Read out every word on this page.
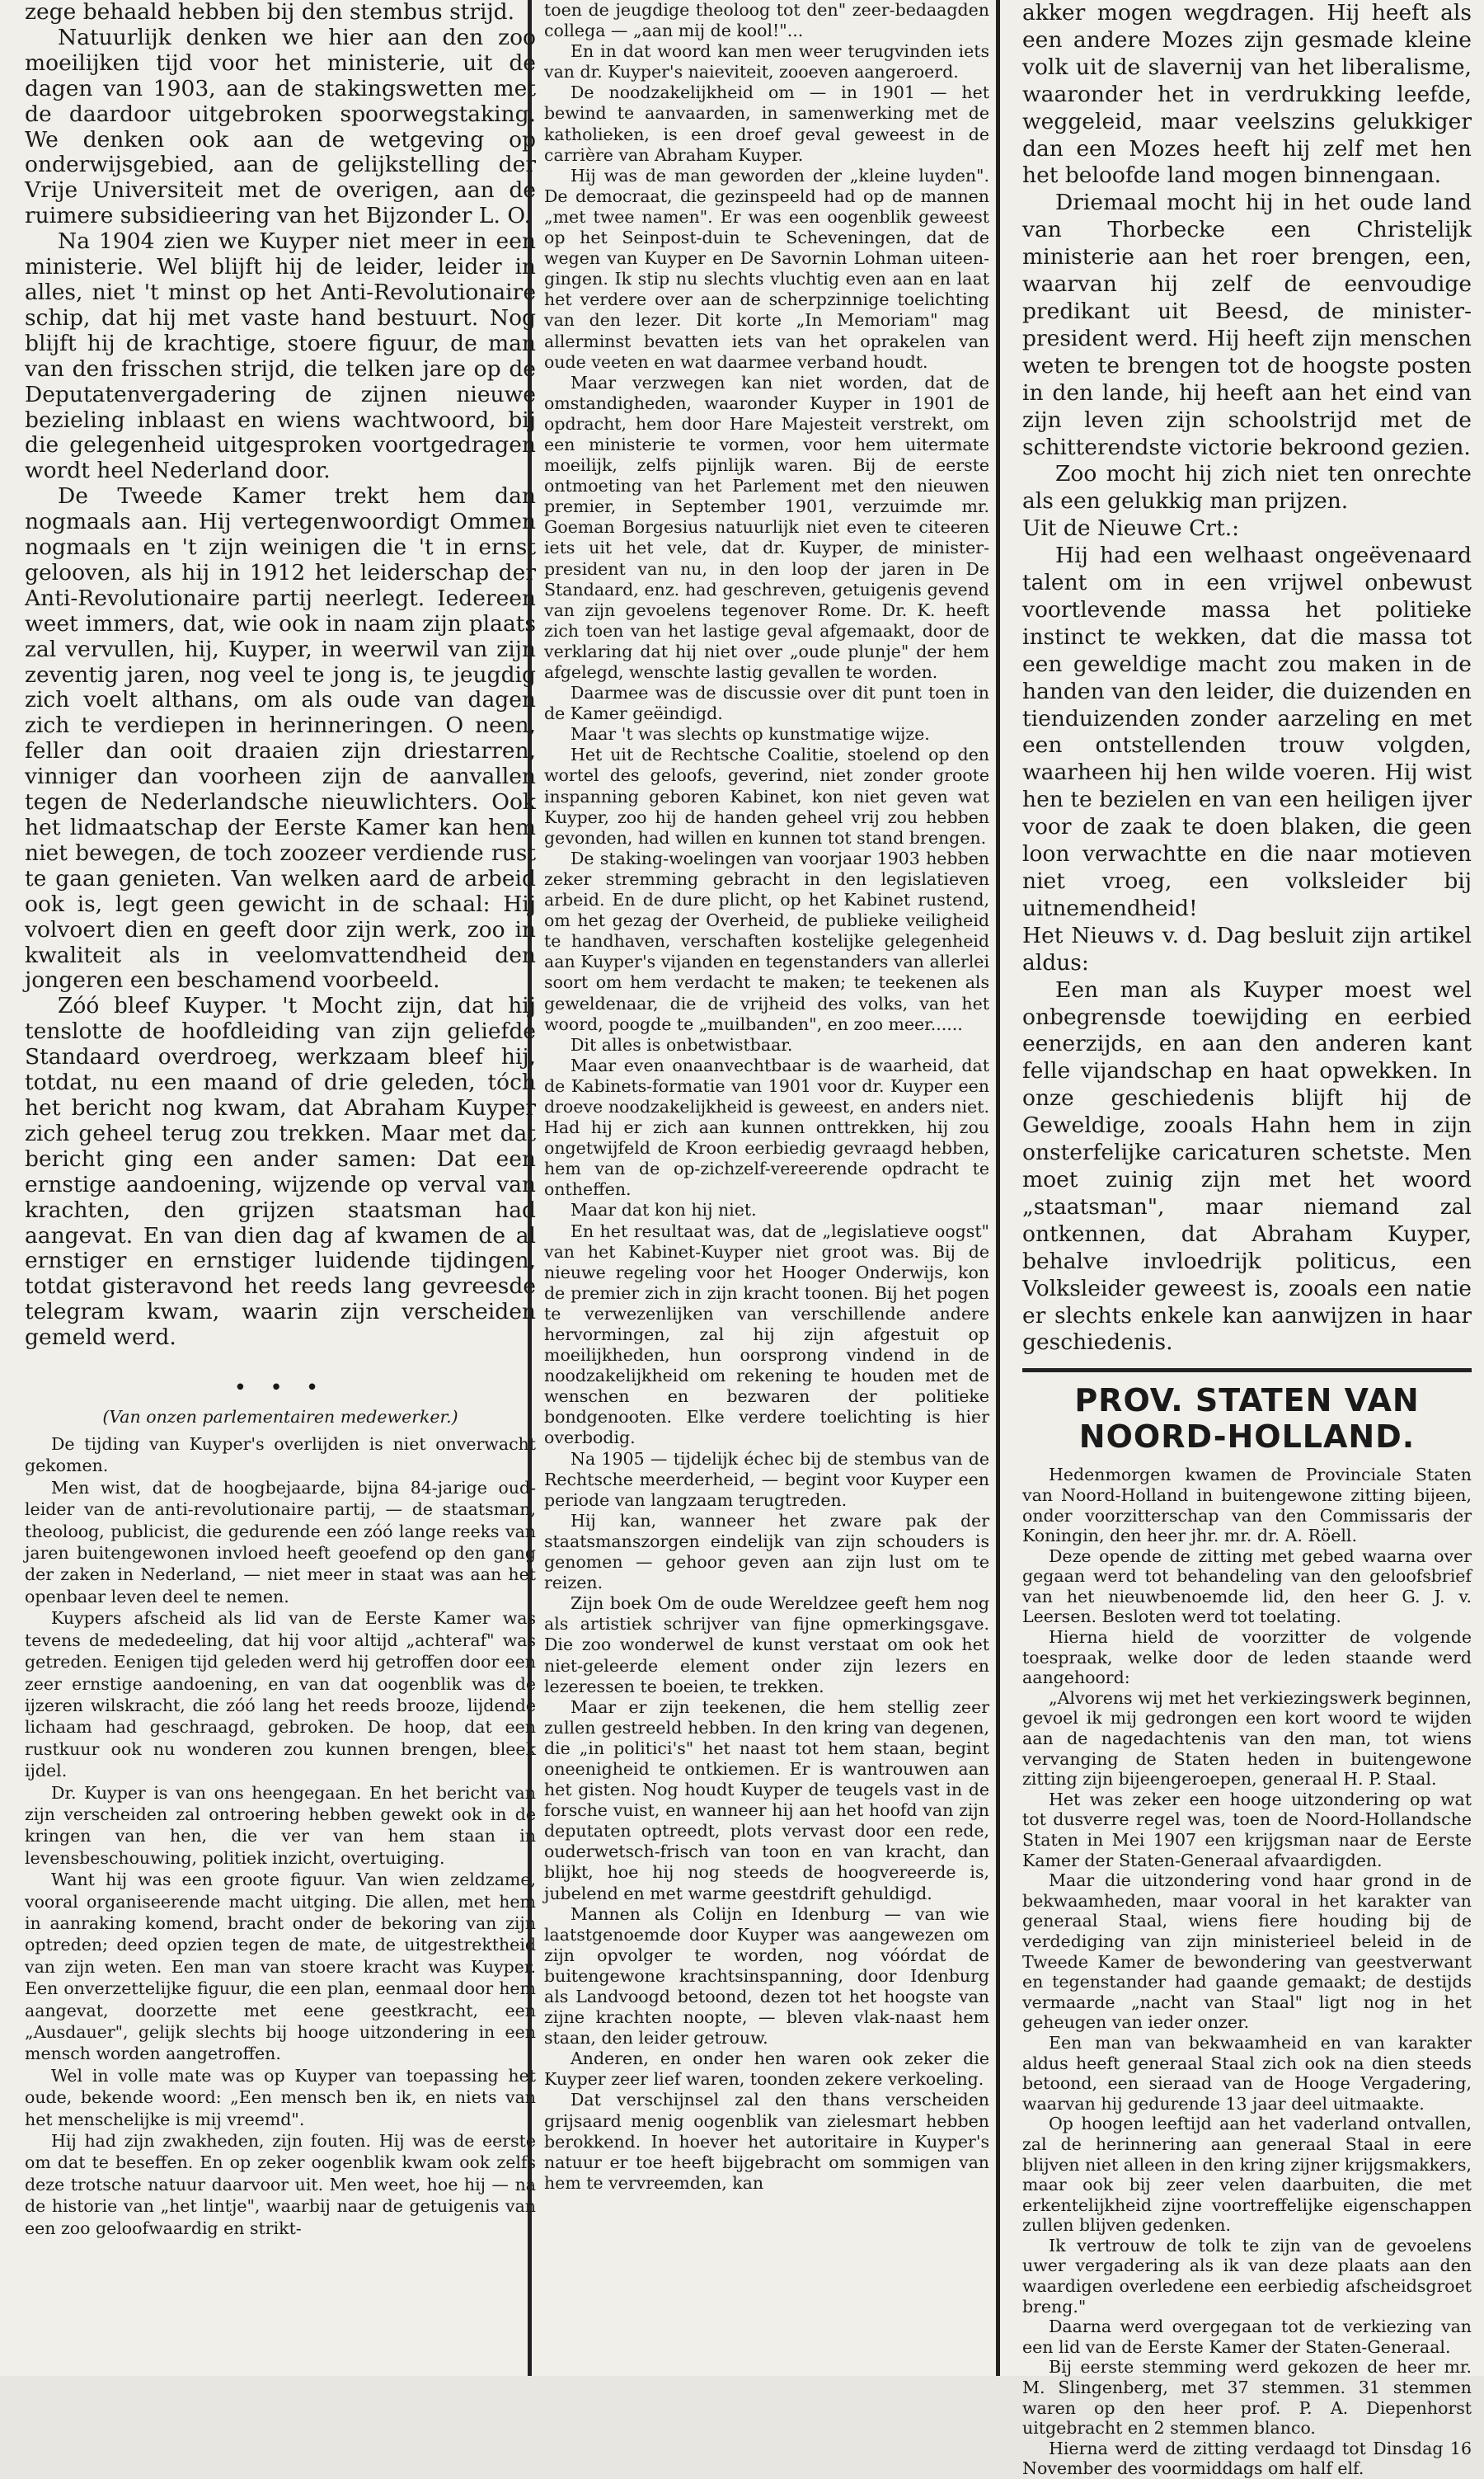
zege behaald hebben bij den stembus strijd.

Natuurlijk denken we hier aan den zoo moeilijken tijd voor het ministerie, uit de dagen van 1903, aan de stakingswetten met de daardoor uitgebroken spoorwegstaking. We denken ook aan de wetgeving op onderwijsgebied, aan de gelijkstelling der Vrije Universiteit met de overigen, aan de ruimere subsidieering van het Bijzonder L. O.

Na 1904 zien we Kuyper niet meer in een ministerie. Wel blijft hij de leider, leider in alles, niet 't minst op het Anti-Revolutionaire schip, dat hij met vaste hand bestuurt. Nog blijft hij de krachtige, stoere figuur, de man van den frisschen strijd, die telken jare op de Deputatenvergadering de zijnen nieuwe bezieling inblaast en wiens wachtwoord, bij die gelegenheid uitgesproken voortgedragen wordt heel Nederland door.

De Tweede Kamer trekt hem dan nogmaals aan. Hij vertegenwoordigt Ommen nogmaals en 't zijn weinigen die 't in ernst gelooven, als hij in 1912 het leiderschap der Anti-Revolutionaire partij neerlegt. Iedereen weet immers, dat, wie ook in naam zijn plaats zal vervullen, hij, Kuyper, in weerwil van zijn zeventig jaren, nog veel te jong is, te jeugdig zich voelt althans, om als oude van dagen zich te verdiepen in herinneringen. O neen, feller dan ooit draaien zijn driestarren, vinniger dan voorheen zijn de aanvallen tegen de Nederlandsche nieuwlichters. Ook het lidmaatschap der Eerste Kamer kan hem niet bewegen, de toch zoozeer verdiende rust te gaan genieten. Van welken aard de arbeid ook is, legt geen gewicht in de schaal: Hij volvoert dien en geeft door zijn werk, zoo in kwaliteit als in veelomvattendheid den jongeren een beschamend voorbeeld.

Zóó bleef Kuyper. 't Mocht zijn, dat hij tenslotte de hoofdleiding van zijn geliefde Standaard overdroeg, werkzaam bleef hij, totdat, nu een maand of drie geleden, tóch het bericht nog kwam, dat Abraham Kuyper zich geheel terug zou trekken. Maar met dat bericht ging een ander samen: Dat een ernstige aandoening, wijzende op verval van krachten, den grijzen staatsman had aangevat. En van dien dag af kwamen de al ernstiger en ernstiger luidende tijdingen, totdat gisteravond het reeds lang gevreesde telegram kwam, waarin zijn verscheiden gemeld werd.

• • •
(Van onzen parlementairen medewerker.)

De tijding van Kuyper's overlijden is niet onverwacht gekomen.

Men wist, dat de hoogbejaarde, bijna 84-jarige oud-leider van de anti-revolutionaire partij, — de staatsman, theoloog, publicist, die gedurende een zóó lange reeks van jaren buitengewonen invloed heeft geoefend op den gang der zaken in Nederland, — niet meer in staat was aan het openbaar leven deel te nemen.

Kuypers afscheid als lid van de Eerste Kamer was tevens de mededeeling, dat hij voor altijd „achteraf" was getreden. Eenigen tijd geleden werd hij getroffen door een zeer ernstige aandoening, en van dat oogenblik was de ijzeren wilskracht, die zóó lang het reeds brooze, lijdende lichaam had geschraagd, gebroken. De hoop, dat een rustkuur ook nu wonderen zou kunnen brengen, bleek ijdel.

Dr. Kuyper is van ons heengegaan. En het bericht van zijn verscheiden zal ontroering hebben gewekt ook in de kringen van hen, die ver van hem staan in levensbeschouwing, politiek inzicht, overtuiging.

Want hij was een groote figuur. Van wien zeldzame, vooral organiseerende macht uitging. Die allen, met hem in aanraking komend, bracht onder de bekoring van zijn optreden; deed opzien tegen de mate, de uitgestrektheid van zijn weten. Een man van stoere kracht was Kuyper. Een onverzettelijke figuur, die een plan, eenmaal door hem aangevat, doorzette met eene geestkracht, een „Ausdauer", gelijk slechts bij hooge uitzondering in een mensch worden aangetroffen.

Wel in volle mate was op Kuyper van toepassing het oude, bekende woord: „Een mensch ben ik, en niets van het menschelijke is mij vreemd".

Hij had zijn zwakheden, zijn fouten. Hij was de eerste om dat te beseffen. En op zeker oogenblik kwam ook zelfs deze trotsche natuur daarvoor uit. Men weet, hoe hij — na de historie van „het lintje", waarbij naar de getuigenis van een zoo geloofwaardig en strikt-

toen de jeugdige theoloog tot den" zeer-bedaagden collega — „aan mij de kool!"...

En in dat woord kan men weer terugvinden iets van dr. Kuyper's naieviteit, zooeven aangeroerd.

De noodzakelijkheid om — in 1901 — het bewind te aanvaarden, in samenwerking met de katholieken, is een droef geval geweest in de carrière van Abraham Kuyper.

Hij was de man geworden der „kleine luyden". De democraat, die gezinspeeld had op de mannen „met twee namen". Er was een oogenblik geweest op het Seinpost-duin te Scheveningen, dat de wegen van Kuyper en De Savornin Lohman uiteen-gingen. Ik stip nu slechts vluchtig even aan en laat het verdere over aan de scherpzinnige toelichting van den lezer. Dit korte „In Memoriam" mag allerminst bevatten iets van het oprakelen van oude veeten en wat daarmee verband houdt.

Maar verzwegen kan niet worden, dat de omstandigheden, waaronder Kuyper in 1901 de opdracht, hem door Hare Majesteit verstrekt, om een ministerie te vormen, voor hem uitermate moeilijk, zelfs pijnlijk waren. Bij de eerste ontmoeting van het Parlement met den nieuwen premier, in September 1901, verzuimde mr. Goeman Borgesius natuurlijk niet even te citeeren iets uit het vele, dat dr. Kuyper, de minister-president van nu, in den loop der jaren in De Standaard, enz. had geschreven, getuigenis gevend van zijn gevoelens tegenover Rome. Dr. K. heeft zich toen van het lastige geval afgemaakt, door de verklaring dat hij niet over „oude plunje" der hem afgelegd, wenschte lastig gevallen te worden.

Daarmee was de discussie over dit punt toen in de Kamer geëindigd.

Maar 't was slechts op kunstmatige wijze.

Het uit de Rechtsche Coalitie, stoelend op den wortel des geloofs, geverind, niet zonder groote inspanning geboren Kabinet, kon niet geven wat Kuyper, zoo hij de handen geheel vrij zou hebben gevonden, had willen en kunnen tot stand brengen.

De staking-woelingen van voorjaar 1903 hebben zeker stremming gebracht in den legislatieven arbeid. En de dure plicht, op het Kabinet rustend, om het gezag der Overheid, de publieke veiligheid te handhaven, verschaften kostelijke gelegenheid aan Kuyper's vijanden en tegenstanders van allerlei soort om hem verdacht te maken; te teekenen als geweldenaar, die de vrijheid des volks, van het woord, poogde te „muilbanden", en zoo meer......

Dit alles is onbetwistbaar.

Maar even onaanvechtbaar is de waarheid, dat de Kabinets-formatie van 1901 voor dr. Kuyper een droeve noodzakelijkheid is geweest, en anders niet. Had hij er zich aan kunnen onttrekken, hij zou ongetwijfeld de Kroon eerbiedig gevraagd hebben, hem van de op-zichzelf-vereerende opdracht te ontheffen.

Maar dat kon hij niet.

En het resultaat was, dat de „legislatieve oogst" van het Kabinet-Kuyper niet groot was. Bij de nieuwe regeling voor het Hooger Onderwijs, kon de premier zich in zijn kracht toonen. Bij het pogen te verwezenlijken van verschillende andere hervormingen, zal hij zijn afgestuit op moeilijkheden, hun oorsprong vindend in de noodzakelijkheid om rekening te houden met de wenschen en bezwaren der politieke bondgenooten. Elke verdere toelichting is hier overbodig.

Na 1905 — tijdelijk échec bij de stembus van de Rechtsche meerderheid, — begint voor Kuyper een periode van langzaam terugtreden.

Hij kan, wanneer het zware pak der staatsmanszorgen eindelijk van zijn schouders is genomen — gehoor geven aan zijn lust om te reizen.

Zijn boek Om de oude Wereldzee geeft hem nog als artistiek schrijver van fijne opmerkingsgave. Die zoo wonderwel de kunst verstaat om ook het niet-geleerde element onder zijn lezers en lezeressen te boeien, te trekken.

Maar er zijn teekenen, die hem stellig zeer zullen gestreeld hebben. In den kring van degenen, die „in politici's" het naast tot hem staan, begint oneenigheid te ontkiemen. Er is wantrouwen aan het gisten. Nog houdt Kuyper de teugels vast in de forsche vuist, en wanneer hij aan het hoofd van zijn deputaten optreedt, plots vervast door een rede, ouderwetsch-frisch van toon en van kracht, dan blijkt, hoe hij nog steeds de hoogvereerde is, jubelend en met warme geestdrift gehuldigd.

Mannen als Colijn en Idenburg — van wie laatstgenoemde door Kuyper was aangewezen om zijn opvolger te worden, nog vóórdat de buitengewone krachtsinspanning, door Idenburg als Landvoogd betoond, dezen tot het hoogste van zijne krachten noopte, — bleven vlak-naast hem staan, den leider getrouw.

Anderen, en onder hen waren ook zeker die Kuyper zeer lief waren, toonden zekere verkoeling.

Dat verschijnsel zal den thans verscheiden grijsaard menig oogenblik van zielesmart hebben berokkend. In hoever het autoritaire in Kuyper's natuur er toe heeft bijgebracht om sommigen van hem te vervreemden, kan

akker mogen wegdragen. Hij heeft als een andere Mozes zijn gesmade kleine volk uit de slavernij van het liberalisme, waaronder het in verdrukking leefde, weggeleid, maar veelszins gelukkiger dan een Mozes heeft hij zelf met hen het beloofde land mogen binnengaan.

Driemaal mocht hij in het oude land van Thorbecke een Christelijk ministerie aan het roer brengen, een, waarvan hij zelf de eenvoudige predikant uit Beesd, de minister-president werd. Hij heeft zijn menschen weten te brengen tot de hoogste posten in den lande, hij heeft aan het eind van zijn leven zijn schoolstrijd met de schitterendste victorie bekroond gezien.

Zoo mocht hij zich niet ten onrechte als een gelukkig man prijzen.

Uit de Nieuwe Crt.:

Hij had een welhaast ongeëvenaard talent om in een vrijwel onbewust voortlevende massa het politieke instinct te wekken, dat die massa tot een geweldige macht zou maken in de handen van den leider, die duizenden en tienduizenden zonder aarzeling en met een ontstellenden trouw volgden, waarheen hij hen wilde voeren. Hij wist hen te bezielen en van een heiligen ijver voor de zaak te doen blaken, die geen loon verwachtte en die naar motieven niet vroeg, een volksleider bij uitnemendheid!

Het Nieuws v. d. Dag besluit zijn artikel aldus:

Een man als Kuyper moest wel onbegrensde toewijding en eerbied eenerzijds, en aan den anderen kant felle vijandschap en haat opwekken. In onze geschiedenis blijft hij de Geweldige, zooals Hahn hem in zijn onsterfelijke caricaturen schetste. Men moet zuinig zijn met het woord „staatsman", maar niemand zal ontkennen, dat Abraham Kuyper, behalve invloedrijk politicus, een Volksleider geweest is, zooals een natie er slechts enkele kan aanwijzen in haar geschiedenis.

PROV. STATEN VAN NOORD-HOLLAND.

Hedenmorgen kwamen de Provinciale Staten van Noord-Holland in buitengewone zitting bijeen, onder voorzitterschap van den Commissaris der Koningin, den heer jhr. mr. dr. A. Röell.

Deze opende de zitting met gebed waarna over gegaan werd tot behandeling van den geloofsbrief van het nieuwbenoemde lid, den heer G. J. v. Leersen. Besloten werd tot toelating.

Hierna hield de voorzitter de volgende toespraak, welke door de leden staande werd aangehoord:

„Alvorens wij met het verkiezingswerk beginnen, gevoel ik mij gedrongen een kort woord te wijden aan de nagedachtenis van den man, tot wiens vervanging de Staten heden in buitengewone zitting zijn bijeengeroepen, generaal H. P. Staal.

Het was zeker een hooge uitzondering op wat tot dusverre regel was, toen de Noord-Hollandsche Staten in Mei 1907 een krijgsman naar de Eerste Kamer der Staten-Generaal afvaardigden.

Maar die uitzondering vond haar grond in de bekwaamheden, maar vooral in het karakter van generaal Staal, wiens fiere houding bij de verdediging van zijn ministerieel beleid in de Tweede Kamer de bewondering van geestverwant en tegenstander had gaande gemaakt; de destijds vermaarde „nacht van Staal" ligt nog in het geheugen van ieder onzer.

Een man van bekwaamheid en van karakter aldus heeft generaal Staal zich ook na dien steeds betoond, een sieraad van de Hooge Vergadering, waarvan hij gedurende 13 jaar deel uitmaakte.

Op hoogen leeftijd aan het vaderland ontvallen, zal de herinnering aan generaal Staal in eere blijven niet alleen in den kring zijner krijgsmakkers, maar ook bij zeer velen daarbuiten, die met erkentelijkheid zijne voortreffelijke eigenschappen zullen blijven gedenken.

Ik vertrouw de tolk te zijn van de gevoelens uwer vergadering als ik van deze plaats aan den waardigen overledene een eerbiedig afscheidsgroet breng."

Daarna werd overgegaan tot de verkiezing van een lid van de Eerste Kamer der Staten-Generaal.

Bij eerste stemming werd gekozen de heer mr. M. Slingenberg, met 37 stemmen. 31 stemmen waren op den heer prof. P. A. Diepenhorst uitgebracht en 2 stemmen blanco.

Hierna werd de zitting verdaagd tot Dinsdag 16 November des voormiddags om half elf.
